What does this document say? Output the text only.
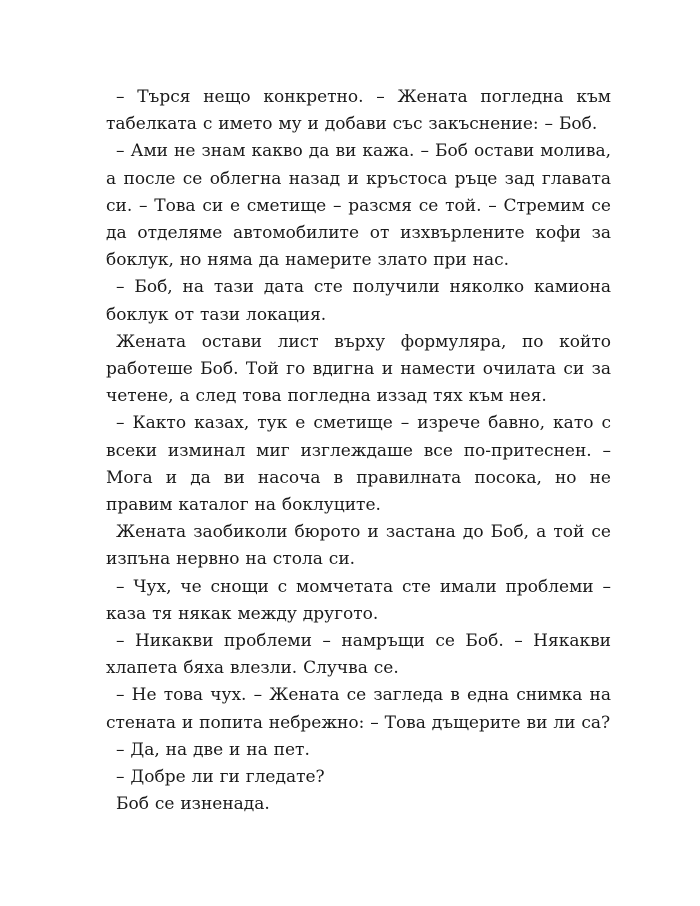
– Търся нещо конкретно. – Жената погледна към табелката с името му и добави със закъснение: – Боб.

– Ами не знам какво да ви кажа. – Боб остави молива, а после се облегна назад и кръстоса ръце зад главата си. – Това си е сметище – разсмя се той. – Стремим се да отделяме автомобилите от изхвърлените кофи за боклук, но няма да намерите злато при нас.

– Боб, на тази дата сте получили няколко камиона боклук от тази локация.

Жената остави лист върху формуляра, по който работеше Боб. Той го вдигна и намести очилата си за четене, а след това погледна иззад тях към нея.

– Както казах, тук е сметище – изрече бавно, като с всеки изминал миг изглеждаше все по-притеснен. – Мога и да ви насоча в правилната посока, но не правим каталог на боклуците.

Жената заобиколи бюрото и застана до Боб, а той се изпъна нервно на стола си.

– Чух, че снощи с момчетата сте имали проблеми – каза тя някак между другото.

– Никакви проблеми – намръщи се Боб. – Някакви хлапета бяха влезли. Случва се.

– Не това чух. – Жената се загледа в една снимка на стената и попита небрежно: – Това дъщерите ви ли са?

– Да, на две и на пет.

– Добре ли ги гледате?

Боб се изненада.
